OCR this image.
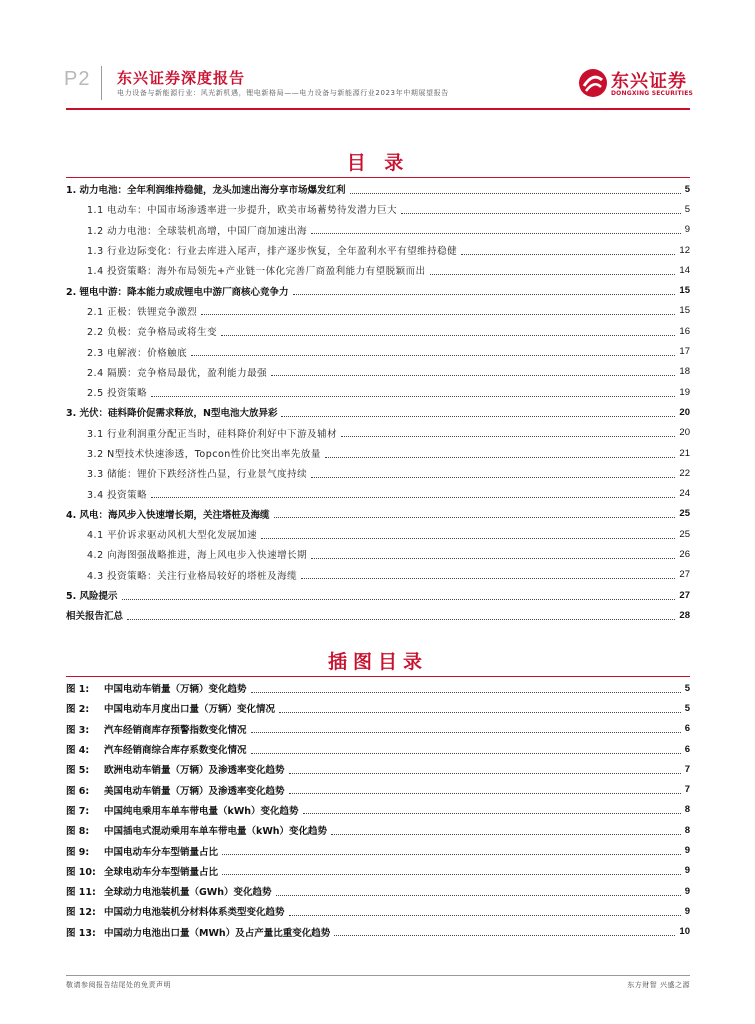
P2 东兴证券深度报告
电力设备与新能源行业：风光新机遇，锂电新格局——电力设备与新能源行业2023年中期展望报告
东兴证券
DONGXING SECURITIES
目 录
1. 动力电池：全年利润维持稳健，龙头加速出海分享市场爆发红利	5
1.1 电动车：中国市场渗透率进一步提升，欧美市场蓄势待发潜力巨大	5
1.2 动力电池：全球装机高增，中国厂商加速出海	9
1.3 行业边际变化：行业去库进入尾声，排产逐步恢复，全年盈利水平有望维持稳健	12
1.4 投资策略：海外布局领先+产业链一体化完善厂商盈利能力有望脱颖而出	14
2. 锂电中游：降本能力或成锂电中游厂商核心竞争力	15
2.1 正极：铁锂竞争激烈	15
2.2 负极：竞争格局或将生变	16
2.3 电解液：价格触底	17
2.4 隔膜：竞争格局最优，盈利能力最强	18
2.5 投资策略	19
3. 光伏：硅料降价促需求释放，N型电池大放异彩	20
3.1 行业利润重分配正当时，硅料降价利好中下游及辅材	20
3.2 N型技术快速渗透，Topcon性价比突出率先放量	21
3.3 储能：锂价下跌经济性凸显，行业景气度持续	22
3.4 投资策略	24
4. 风电：海风步入快速增长期，关注塔桩及海缆	25
4.1 平价诉求驱动风机大型化发展加速	25
4.2 向海图强战略推进，海上风电步入快速增长期	26
4.3 投资策略：关注行业格局较好的塔桩及海缆	27
5. 风险提示	27
相关报告汇总	28
插图目录
图 1: 中国电动车销量（万辆）变化趋势	5
图 2: 中国电动车月度出口量（万辆）变化情况	5
图 3: 汽车经销商库存预警指数变化情况	6
图 4: 汽车经销商综合库存系数变化情况	6
图 5: 欧洲电动车销量（万辆）及渗透率变化趋势	7
图 6: 美国电动车销量（万辆）及渗透率变化趋势	7
图 7: 中国纯电乘用车单车带电量（kWh）变化趋势	8
图 8: 中国插电式混动乘用车单车带电量（kWh）变化趋势	8
图 9: 中国电动车分车型销量占比	9
图 10: 全球电动车分车型销量占比	9
图 11: 全球动力电池装机量（GWh）变化趋势	9
图 12: 中国动力电池装机分材料体系类型变化趋势	9
图 13: 中国动力电池出口量（MWh）及占产量比重变化趋势	10
敬请参阅报告结尾处的免责声明	东方财智 兴盛之源
